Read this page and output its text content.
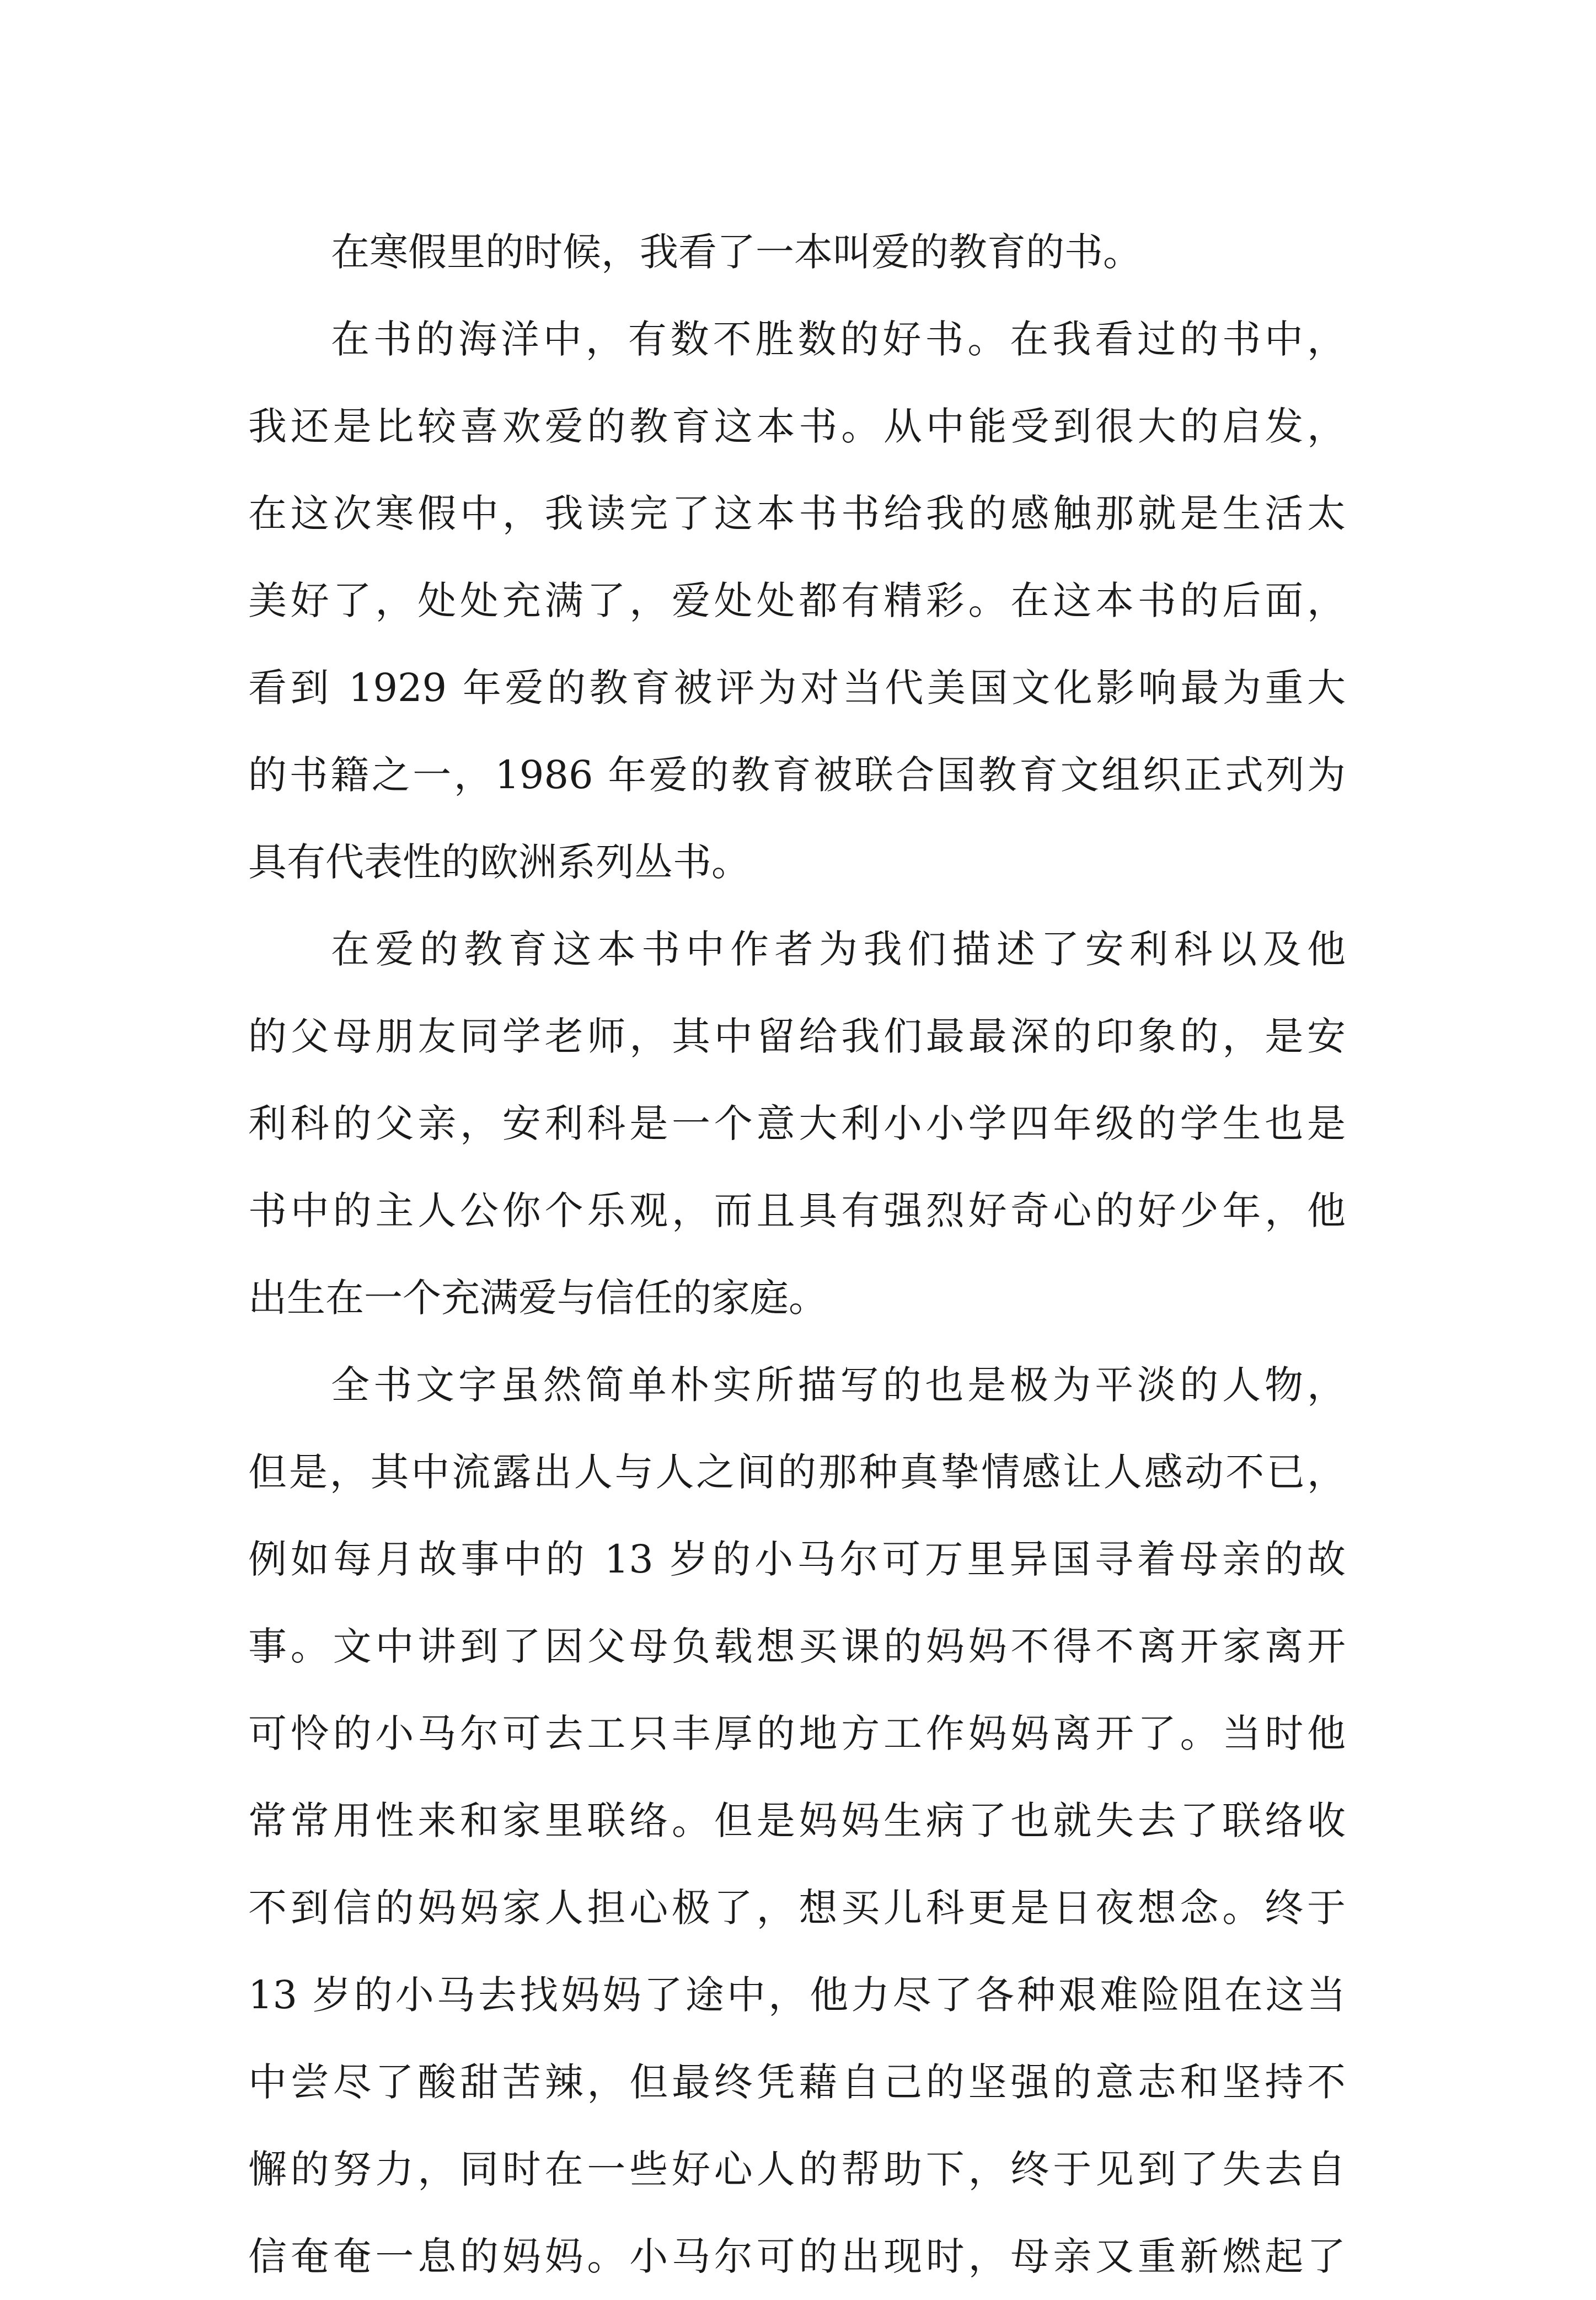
在寒假里的时候，我看了一本叫爱的教育的书。
在书的海洋中，有数不胜数的好书。在我看过的书中，
我还是比较喜欢爱的教育这本书。从中能受到很大的启发，
在这次寒假中，我读完了这本书书给我的感触那就是生活太
美好了，处处充满了，爱处处都有精彩。在这本书的后面，
看到 1929 年爱的教育被评为对当代美国文化影响最为重大
的书籍之一，1986 年爱的教育被联合国教育文组织正式列为
具有代表性的欧洲系列丛书。
在爱的教育这本书中作者为我们描述了安利科以及他
的父母朋友同学老师，其中留给我们最最深的印象的，是安
利科的父亲，安利科是一个意大利小小学四年级的学生也是
书中的主人公你个乐观，而且具有强烈好奇心的好少年，他
出生在一个充满爱与信任的家庭。
全书文字虽然简单朴实所描写的也是极为平淡的人物，
但是，其中流露出人与人之间的那种真挚情感让人感动不已，
例如每月故事中的 13 岁的小马尔可万里异国寻着母亲的故
事。文中讲到了因父母负载想买课的妈妈不得不离开家离开
可怜的小马尔可去工只丰厚的地方工作妈妈离开了。当时他
常常用性来和家里联络。但是妈妈生病了也就失去了联络收
不到信的妈妈家人担心极了，想买儿科更是日夜想念。终于
13 岁的小马去找妈妈了途中，他力尽了各种艰难险阻在这当
中尝尽了酸甜苦辣，但最终凭藉自己的坚强的意志和坚持不
懈的努力，同时在一些好心人的帮助下，终于见到了失去自
信奄奄一息的妈妈。小马尔可的出现时，母亲又重新燃起了
